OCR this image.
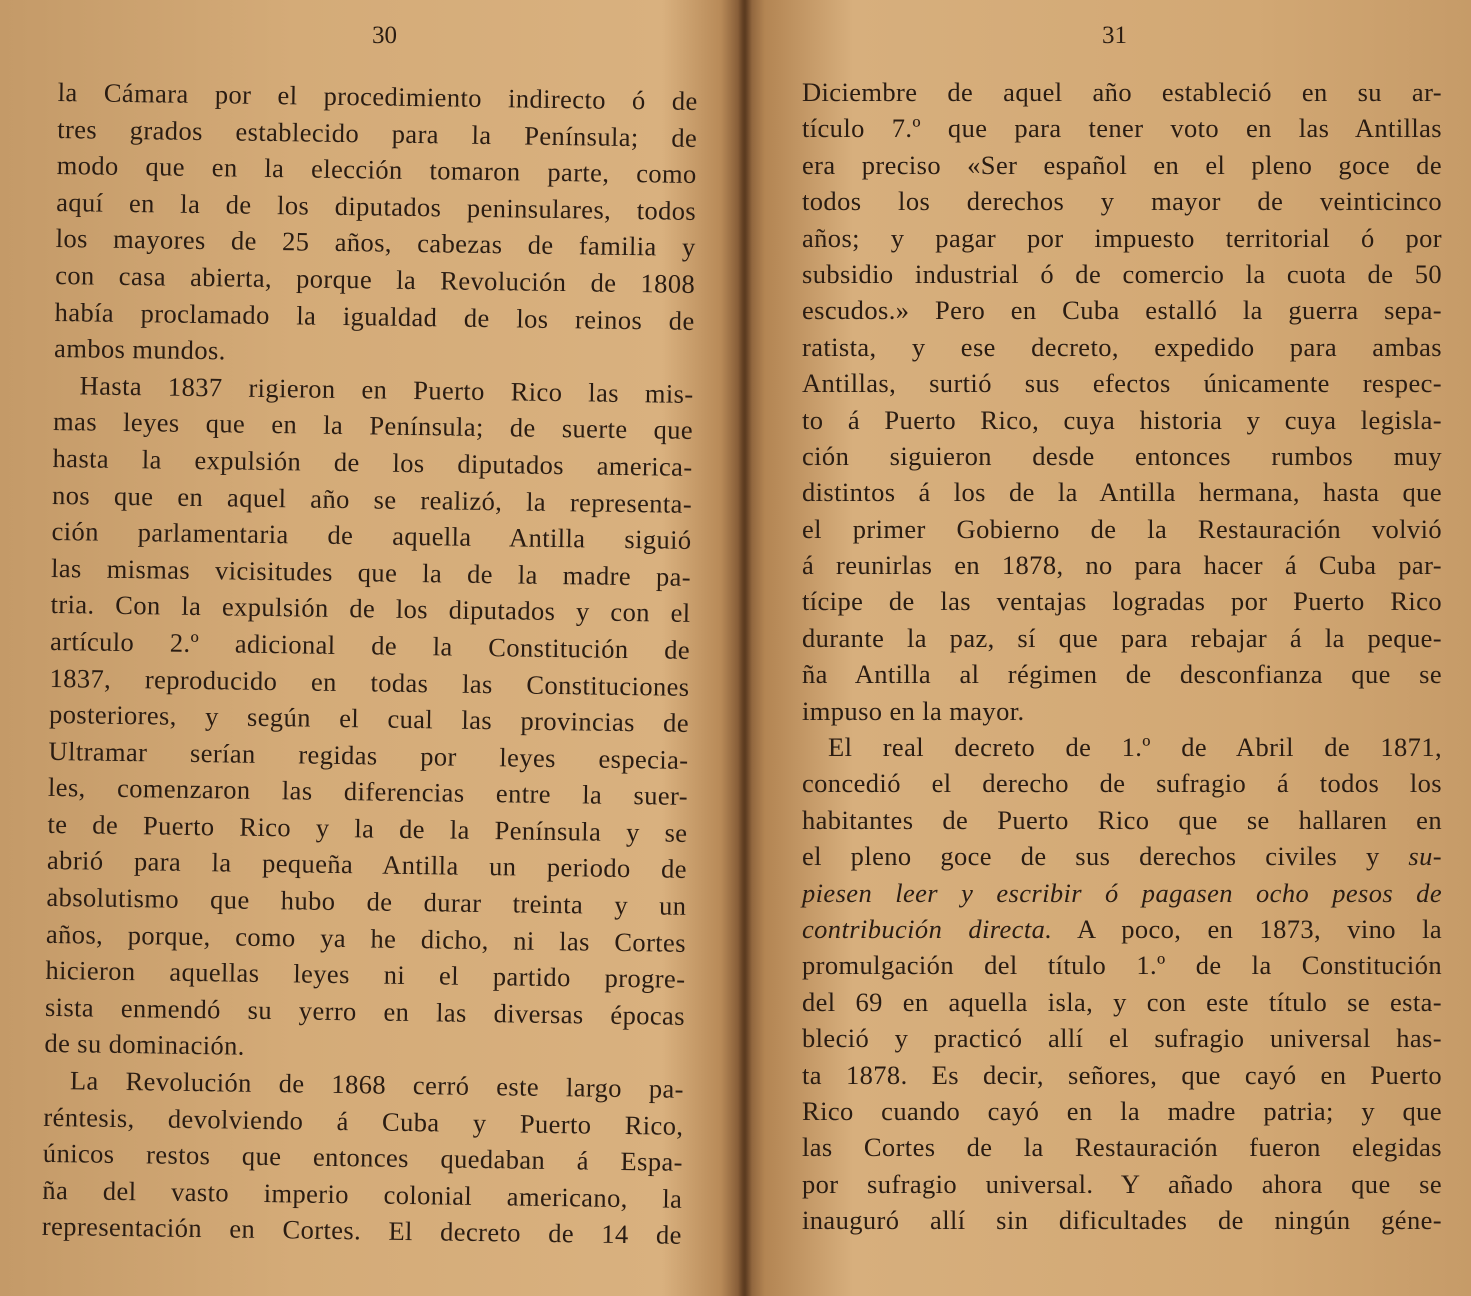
30
la Cámara por el procedimiento indirecto ó de
tres grados establecido para la Península; de
modo que en la elección tomaron parte, como
aquí en la de los diputados peninsulares, todos
los mayores de 25 años, cabezas de familia y
con casa abierta, porque la Revolución de 1808
había proclamado la igualdad de los reinos de
ambos mundos.
Hasta 1837 rigieron en Puerto Rico las mis-
mas leyes que en la Península; de suerte que
hasta la expulsión de los diputados america-
nos que en aquel año se realizó, la representa-
ción parlamentaria de aquella Antilla siguió
las mismas vicisitudes que la de la madre pa-
tria. Con la expulsión de los diputados y con el
artículo 2.º adicional de la Constitución de
1837, reproducido en todas las Constituciones
posteriores, y según el cual las provincias de
Ultramar serían regidas por leyes especia-
les, comenzaron las diferencias entre la suer-
te de Puerto Rico y la de la Península y se
abrió para la pequeña Antilla un periodo de
absolutismo que hubo de durar treinta y un
años, porque, como ya he dicho, ni las Cortes
hicieron aquellas leyes ni el partido progre-
sista enmendó su yerro en las diversas épocas
de su dominación.
La Revolución de 1868 cerró este largo pa-
réntesis, devolviendo á Cuba y Puerto Rico,
únicos restos que entonces quedaban á Espa-
ña del vasto imperio colonial americano, la
representación en Cortes. El decreto de 14 de
31
Diciembre de aquel año estableció en su ar-
tículo 7.º que para tener voto en las Antillas
era preciso «Ser español en el pleno goce de
todos los derechos y mayor de veinticinco
años; y pagar por impuesto territorial ó por
subsidio industrial ó de comercio la cuota de 50
escudos.» Pero en Cuba estalló la guerra sepa-
ratista, y ese decreto, expedido para ambas
Antillas, surtió sus efectos únicamente respec-
to á Puerto Rico, cuya historia y cuya legisla-
ción siguieron desde entonces rumbos muy
distintos á los de la Antilla hermana, hasta que
el primer Gobierno de la Restauración volvió
á reunirlas en 1878, no para hacer á Cuba par-
tícipe de las ventajas logradas por Puerto Rico
durante la paz, sí que para rebajar á la peque-
ña Antilla al régimen de desconfianza que se
impuso en la mayor.
El real decreto de 1.º de Abril de 1871,
concedió el derecho de sufragio á todos los
habitantes de Puerto Rico que se hallaren en
el pleno goce de sus derechos civiles y su-
piesen leer y escribir ó pagasen ocho pesos de
contribución directa. A poco, en 1873, vino la
promulgación del título 1.º de la Constitución
del 69 en aquella isla, y con este título se esta-
bleció y practicó allí el sufragio universal has-
ta 1878. Es decir, señores, que cayó en Puerto
Rico cuando cayó en la madre patria; y que
las Cortes de la Restauración fueron elegidas
por sufragio universal. Y añado ahora que se
inauguró allí sin dificultades de ningún géne-
